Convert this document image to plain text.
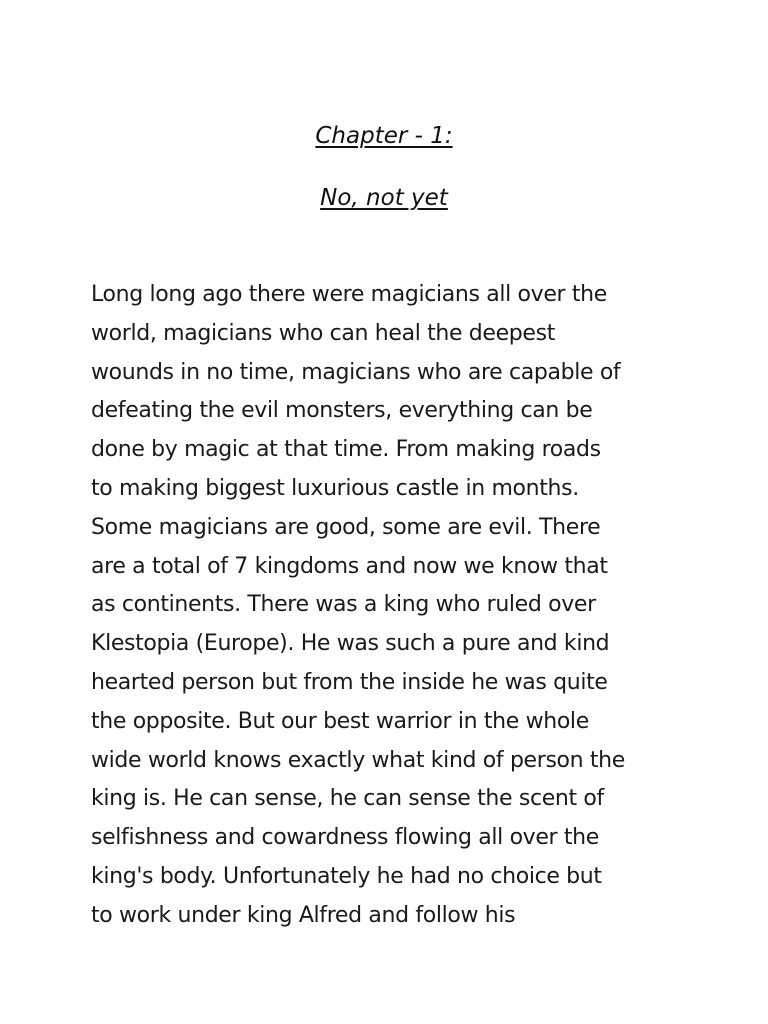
Chapter - 1:
No, not yet
Long long ago there were magicians all over the
world, magicians who can heal the deepest
wounds in no time, magicians who are capable of
defeating the evil monsters, everything can be
done by magic at that time. From making roads
to making biggest luxurious castle in months.
Some magicians are good, some are evil. There
are a total of 7 kingdoms and now we know that
as continents. There was a king who ruled over
Klestopia (Europe). He was such a pure and kind
hearted person but from the inside he was quite
the opposite. But our best warrior in the whole
wide world knows exactly what kind of person the
king is. He can sense, he can sense the scent of
selfishness and cowardness flowing all over the
king's body. Unfortunately he had no choice but
to work under king Alfred and follow his
